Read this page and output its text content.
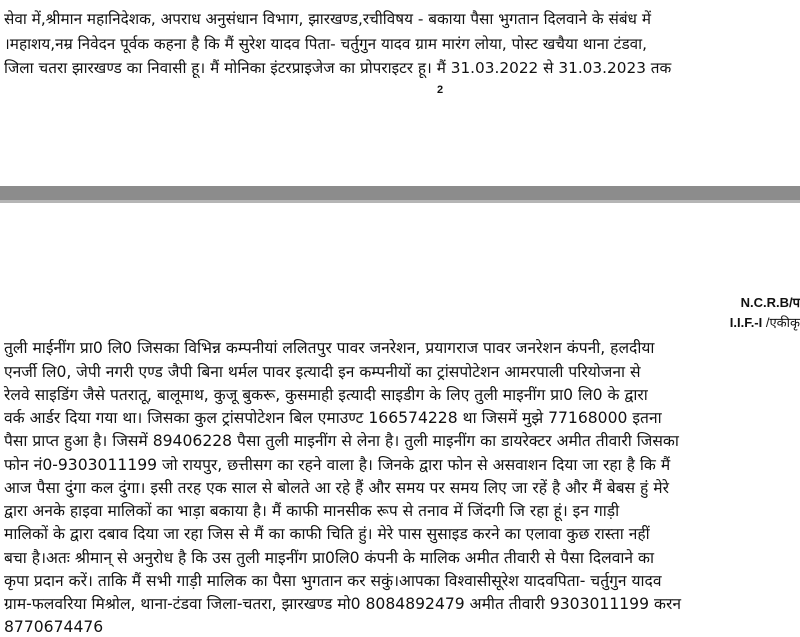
सेवा में,श्रीमान महानिदेशक, अपराध अनुसंधान विभाग, झारखण्ड,रचीविषय - बकाया पैसा भुगतान दिलवाने के संबंध में
।महाशय,नम्र निवेदन पूर्वक कहना है कि मैं सुरेश यादव पिता- चर्तुगुन यादव ग्राम मारंग लोया, पोस्ट खचैया थाना टंडवा,
जिला चतरा झारखण्ड का निवासी हू। मैं मोनिका इंटरप्राइजेज का प्रोपराइटर हू। मैं 31.03.2022 से 31.03.2023 तक
2
N.C.R.B/प
I.I.F.-I /एकीकृ
तुली माईनींग प्रा0 लि0 जिसका विभिन्न कम्पनीयां ललितपुर पावर जनरेशन, प्रयागराज पावर जनरेशन कंपनी, हलदीया
एनर्जी लि0, जेपी नगरी एण्ड जैपी बिना थर्मल पावर इत्यादी इन कम्पनीयों का ट्रांसपोटेशन आमरपाली परियोजना से
रेलवे साइडिंग जैसे पतरातू, बालूमाथ, कुजू बुकरू, कुसमाही इत्यादी साइडीग के लिए तुली माइनींग प्रा0 लि0 के द्वारा
वर्क आर्डर दिया गया था। जिसका कुल ट्रांसपोटेशन बिल एमाउण्ट 166574228 था जिसमें मुझे 77168000 इतना
पैसा प्राप्त हुआ है। जिसमें 89406228 पैसा तुली माइनींग से लेना है। तुली माइनींग का डायरेक्टर अमीत तीवारी जिसका
फोन नं0-9303011199 जो रायपुर, छत्तीसग का रहने वाला है। जिनके द्वारा फोन से असवाशन दिया जा रहा है कि मैं
आज पैसा दुंगा कल दुंगा। इसी तरह एक साल से बोलते आ रहे हैं और समय पर समय लिए जा रहें है और मैं बेबस हुं मेरे
द्वारा अनके हाइवा मालिकों का भाड़ा बकाया है। मैं काफी मानसीक रूप से तनाव में जिंदगी जि रहा हूं। इन गाड़ी
मालिकों के द्वारा दबाव दिया जा रहा जिस से मैं का काफी चिति हुं। मेरे पास सुसाइड करने का एलावा कुछ रास्ता नहीं
बचा है।अतः श्रीमान् से अनुरोध है कि उस तुली माइनींग प्रा0लि0 कंपनी के मालिक अमीत तीवारी से पैसा दिलवाने का
कृपा प्रदान करें। ताकि मैं सभी गाड़ी मालिक का पैसा भुगतान कर सकुं।आपका विश्वासीसूरेश यादवपिता- चर्तुगुन यादव
ग्राम-फलवरिया मिश्रोल, थाना-टंडवा जिला-चतरा, झारखण्ड मो0 8084892479 अमीत तीवारी 9303011199 करन
8770674476
